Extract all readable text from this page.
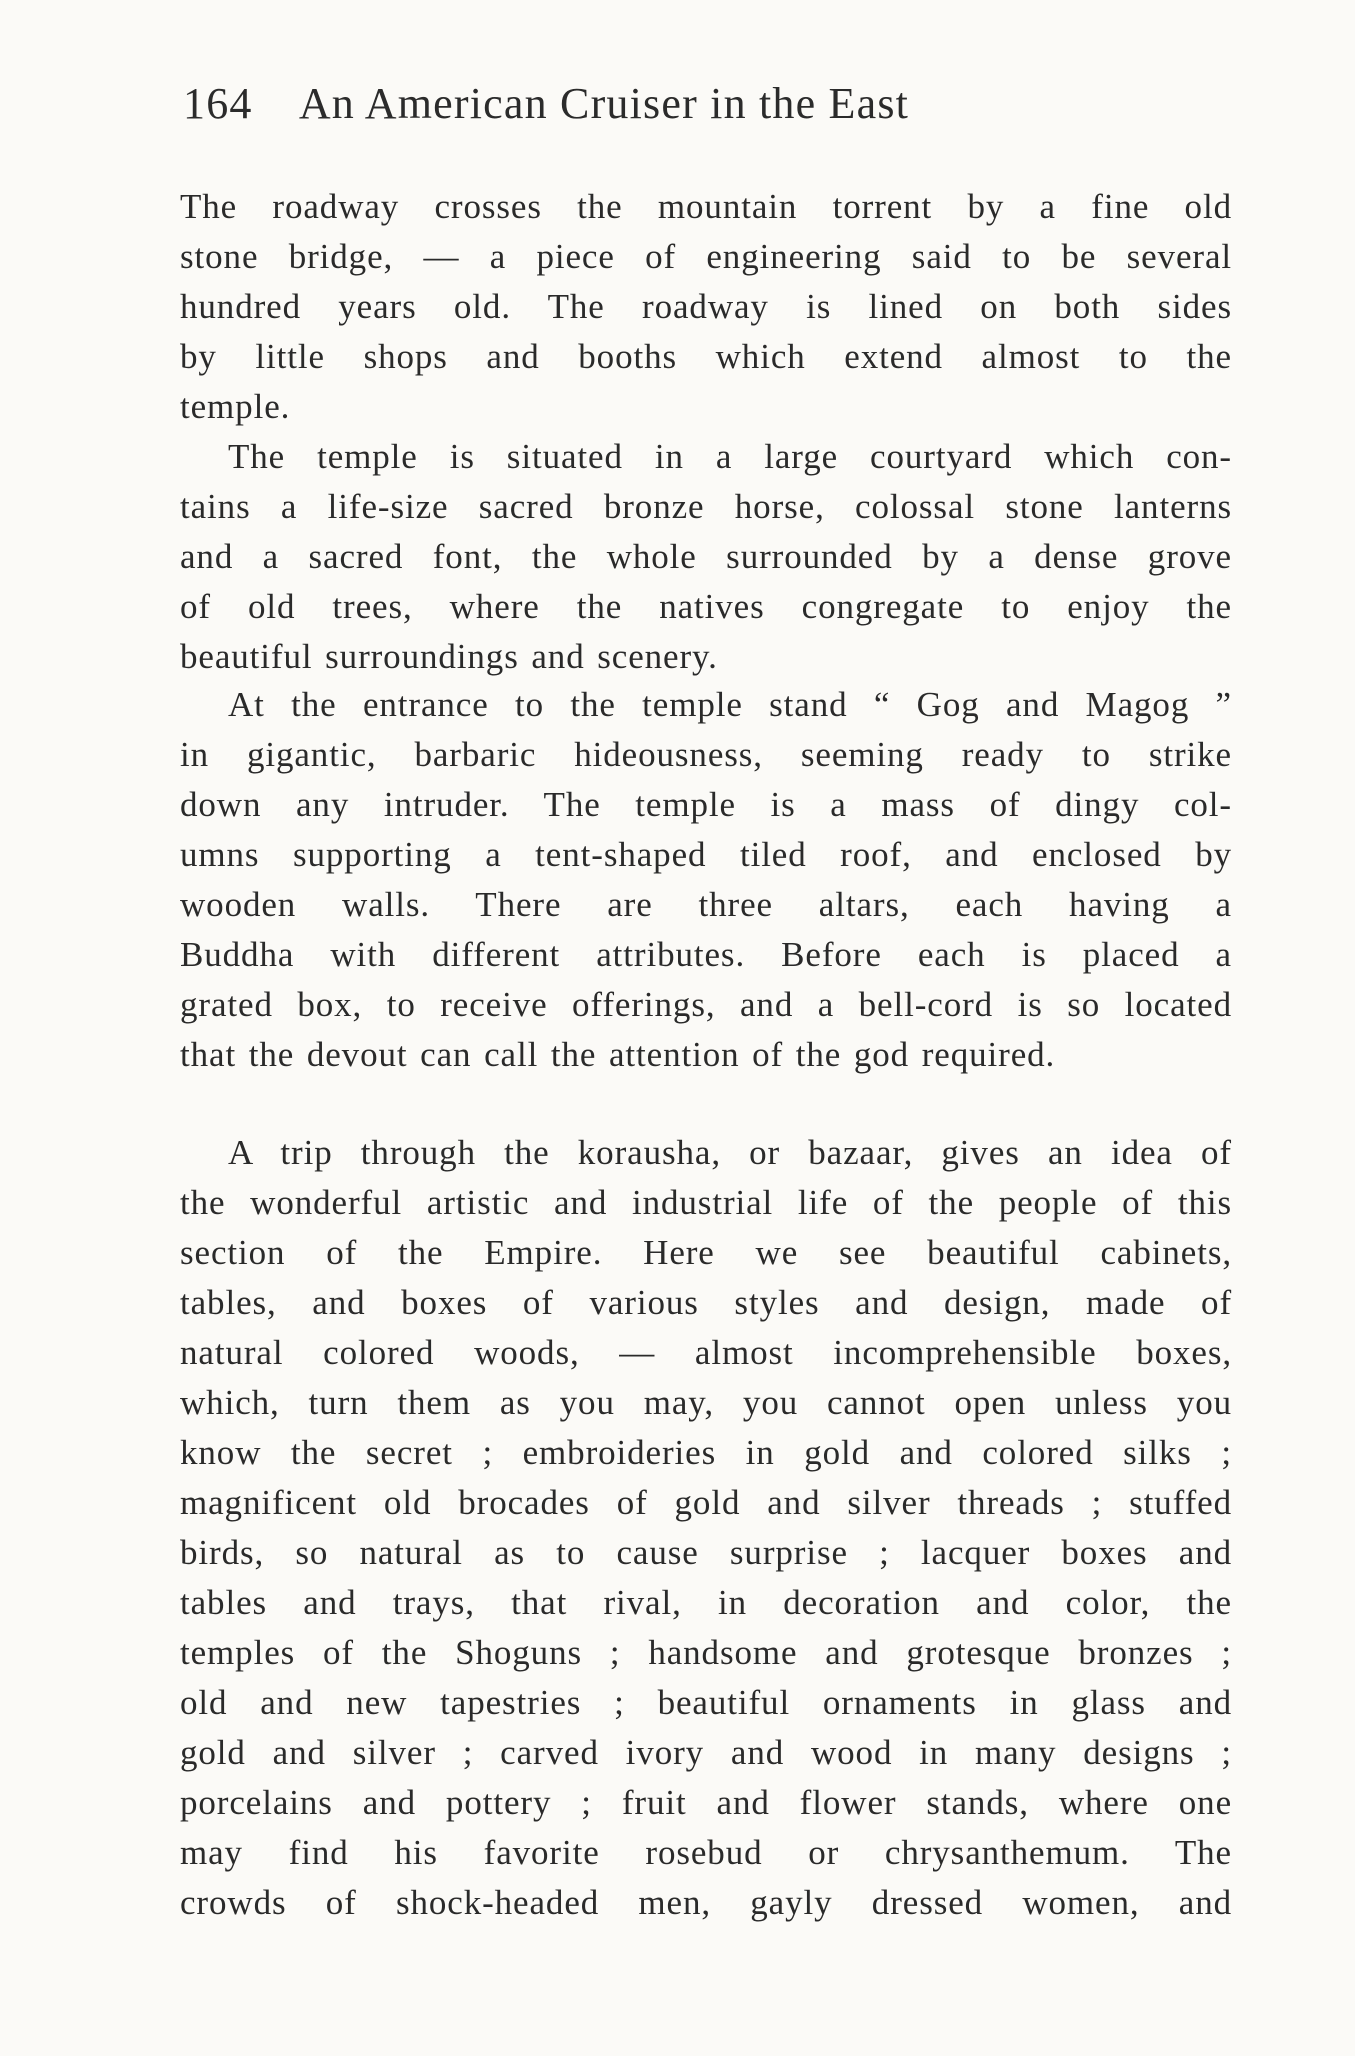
164 An American Cruiser in the East
The roadway crosses the mountain torrent by a fine old
stone bridge, — a piece of engineering said to be several
hundred years old. The roadway is lined on both sides
by little shops and booths which extend almost to the
temple.
The temple is situated in a large courtyard which con-
tains a life-size sacred bronze horse, colossal stone lanterns
and a sacred font, the whole surrounded by a dense grove
of old trees, where the natives congregate to enjoy the
beautiful surroundings and scenery.
At the entrance to the temple stand “ Gog and Magog ”
in gigantic, barbaric hideousness, seeming ready to strike
down any intruder. The temple is a mass of dingy col-
umns supporting a tent-shaped tiled roof, and enclosed by
wooden walls. There are three altars, each having a
Buddha with different attributes. Before each is placed a
grated box, to receive offerings, and a bell-cord is so located
that the devout can call the attention of the god required.
A trip through the korausha, or bazaar, gives an idea of
the wonderful artistic and industrial life of the people of this
section of the Empire. Here we see beautiful cabinets,
tables, and boxes of various styles and design, made of
natural colored woods, — almost incomprehensible boxes,
which, turn them as you may, you cannot open unless you
know the secret ; embroideries in gold and colored silks ;
magnificent old brocades of gold and silver threads ; stuffed
birds, so natural as to cause surprise ; lacquer boxes and
tables and trays, that rival, in decoration and color, the
temples of the Shoguns ; handsome and grotesque bronzes ;
old and new tapestries ; beautiful ornaments in glass and
gold and silver ; carved ivory and wood in many designs ;
porcelains and pottery ; fruit and flower stands, where one
may find his favorite rosebud or chrysanthemum. The
crowds of shock-headed men, gayly dressed women, and
